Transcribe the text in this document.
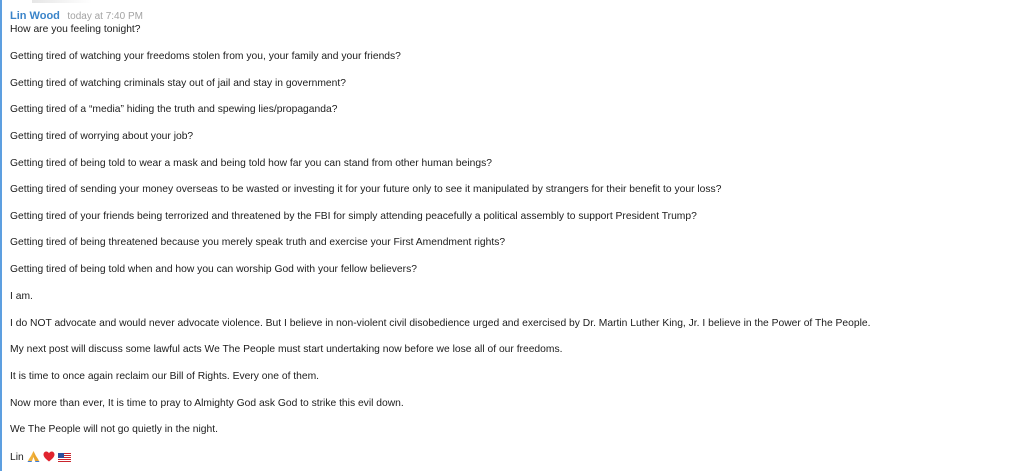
Lin Wood today at 7:40 PM
How are you feeling tonight?
Getting tired of watching your freedoms stolen from you, your family and your friends?
Getting tired of watching criminals stay out of jail and stay in government?
Getting tired of a “media” hiding the truth and spewing lies/propaganda?
Getting tired of worrying about your job?
Getting tired of being told to wear a mask and being told how far you can stand from other human beings?
Getting tired of sending your money overseas to be wasted or investing it for your future only to see it manipulated by strangers for their benefit to your loss?
Getting tired of your friends being terrorized and threatened by the FBI for simply attending peacefully a political assembly to support President Trump?
Getting tired of being threatened because you merely speak truth and exercise your First Amendment rights?
Getting tired of being told when and how you can worship God with your fellow believers?
I am.
I do NOT advocate and would never advocate violence. But I believe in non-violent civil disobedience urged and exercised by Dr. Martin Luther King, Jr. I believe in the Power of The People.
My next post will discuss some lawful acts We The People must start undertaking now before we lose all of our freedoms.
It is time to once again reclaim our Bill of Rights. Every one of them.
Now more than ever, It is time to pray to Almighty God ask God to strike this evil down.
We The People will not go quietly in the night.
Lin
